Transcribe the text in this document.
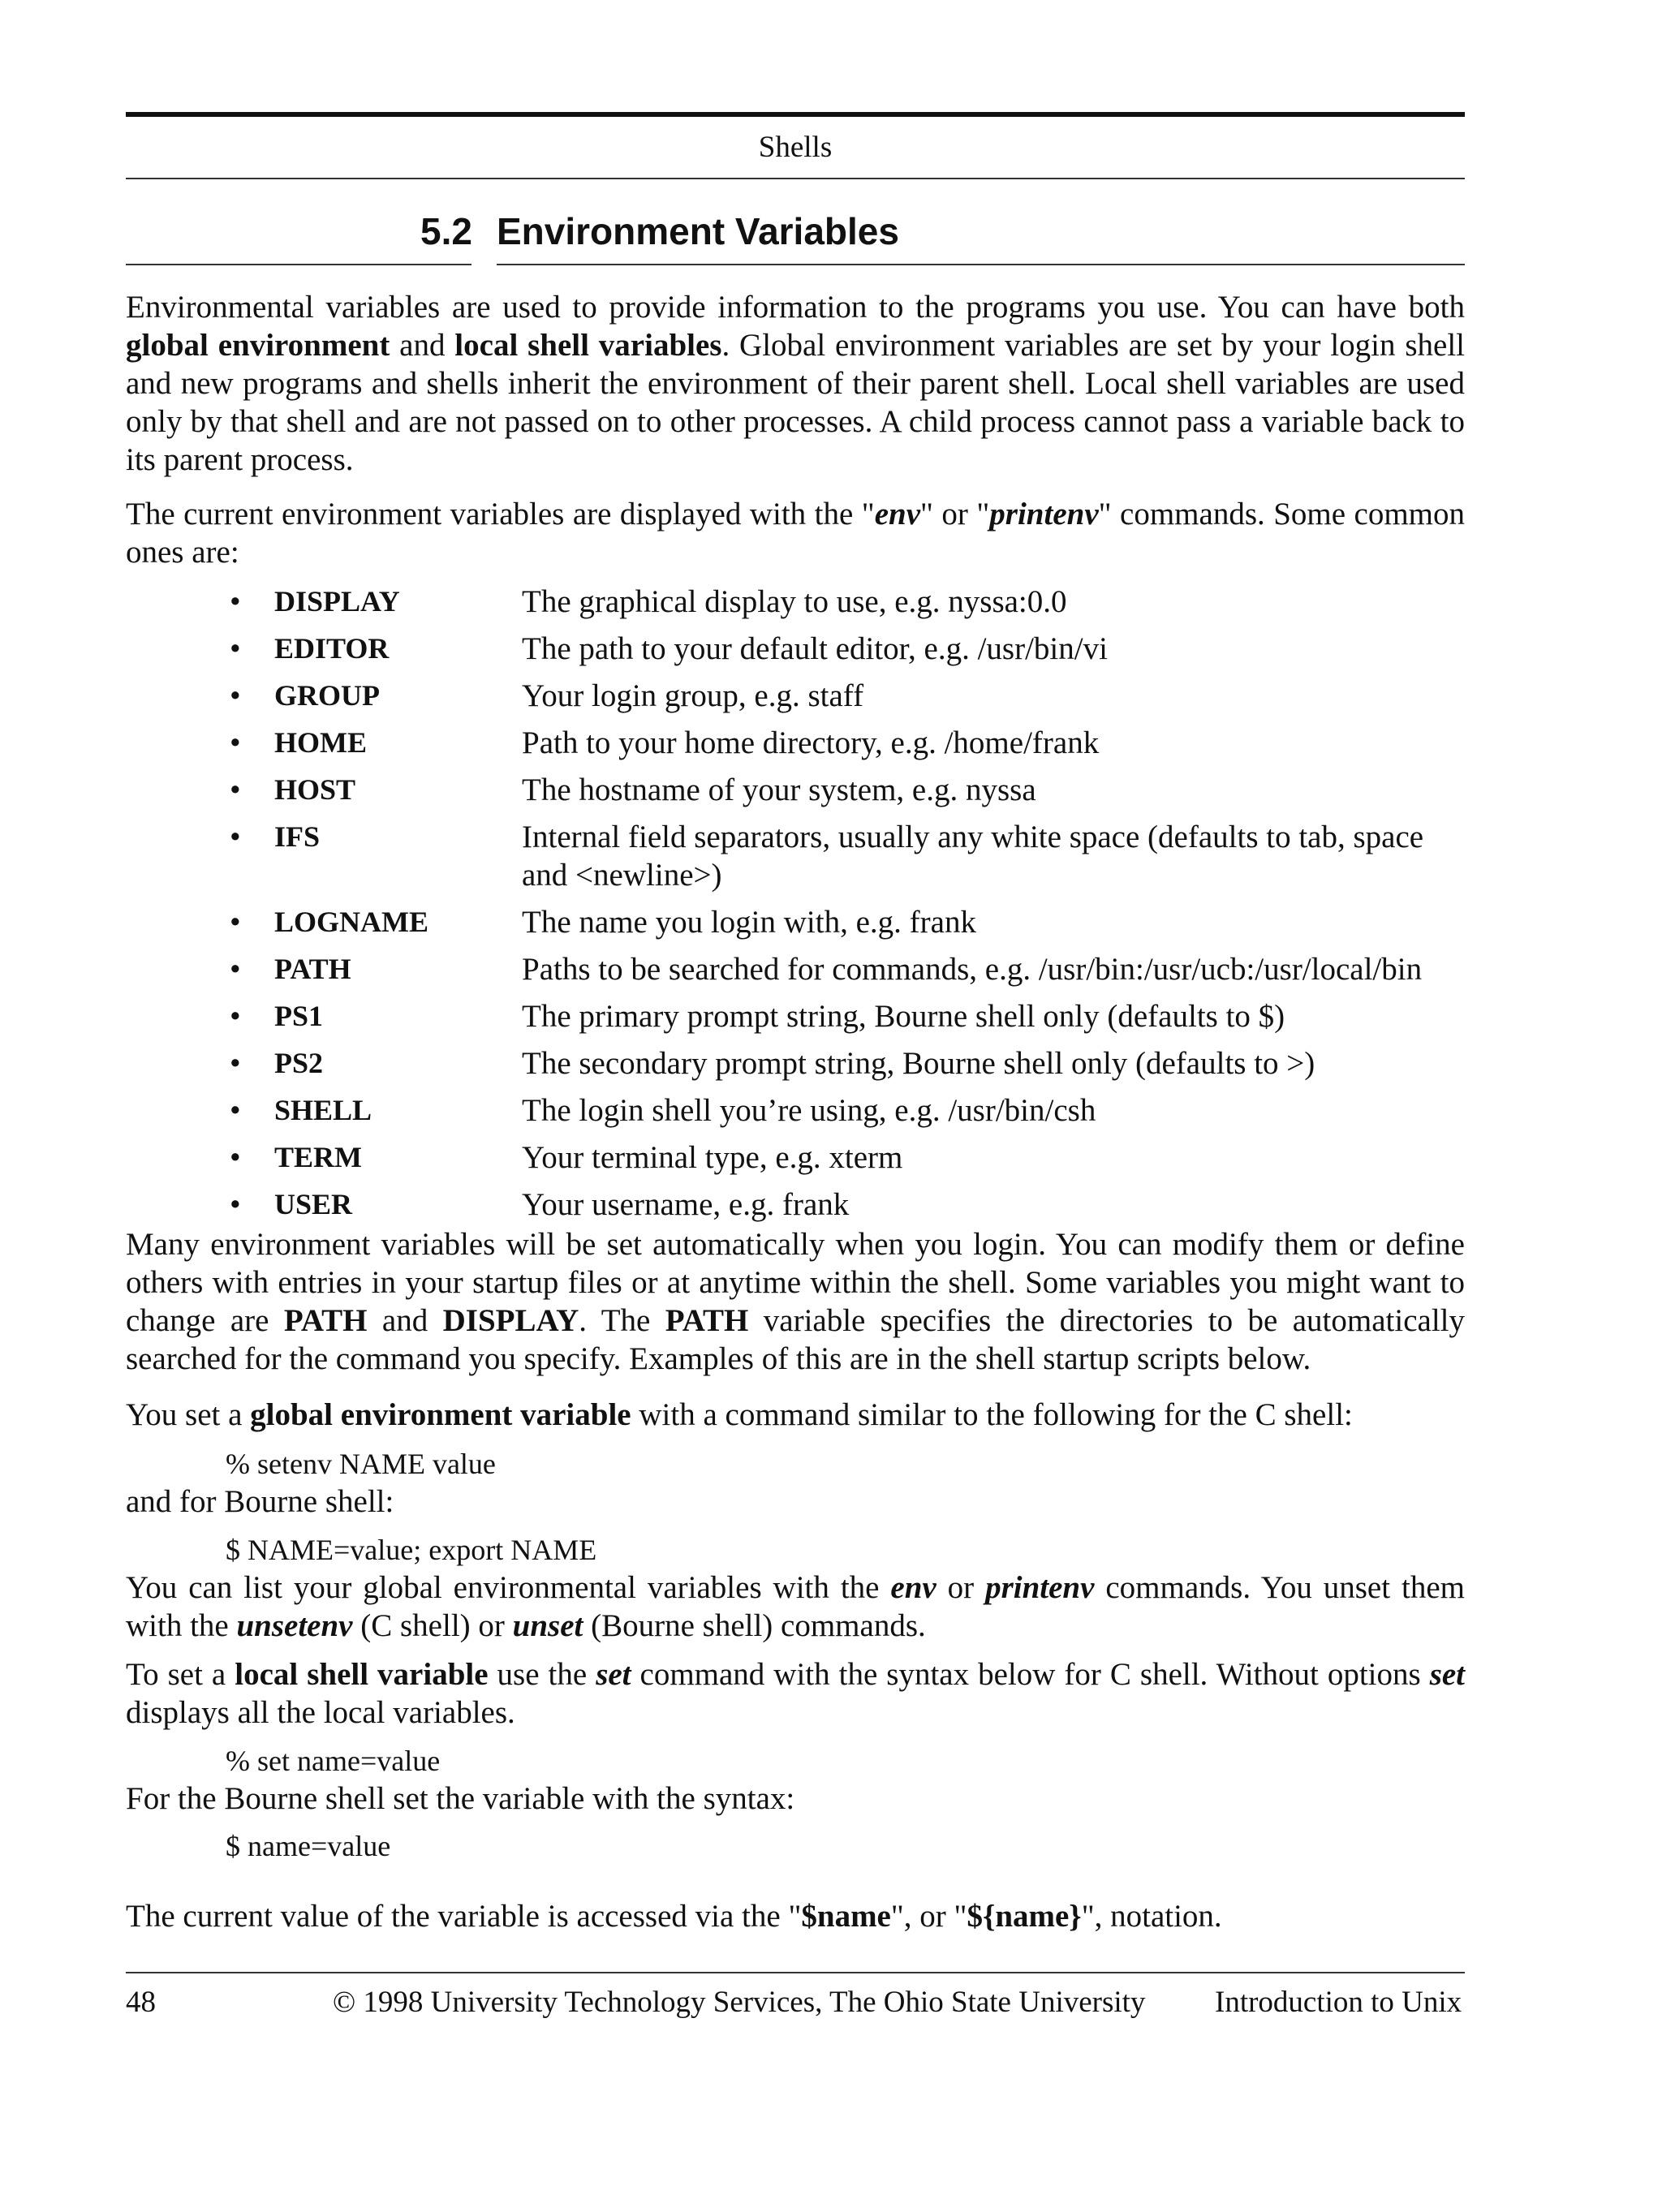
Shells
5.2 Environment Variables

Environmental variables are used to provide information to the programs you use. You can have both global environment and local shell variables. Global environment variables are set by your login shell and new programs and shells inherit the environment of their parent shell. Local shell variables are used only by that shell and are not passed on to other processes. A child process cannot pass a variable back to its parent process.

The current environment variables are displayed with the "env" or "printenv" commands. Some common ones are:

• DISPLAY	The graphical display to use, e.g. nyssa:0.0
• EDITOR	The path to your default editor, e.g. /usr/bin/vi
• GROUP	Your login group, e.g. staff
• HOME	Path to your home directory, e.g. /home/frank
• HOST	The hostname of your system, e.g. nyssa
• IFS	Internal field separators, usually any white space (defaults to tab, space and <newline>)
• LOGNAME	The name you login with, e.g. frank
• PATH	Paths to be searched for commands, e.g. /usr/bin:/usr/ucb:/usr/local/bin
• PS1	The primary prompt string, Bourne shell only (defaults to $)
• PS2	The secondary prompt string, Bourne shell only (defaults to >)
• SHELL	The login shell you’re using, e.g. /usr/bin/csh
• TERM	Your terminal type, e.g. xterm
• USER	Your username, e.g. frank

Many environment variables will be set automatically when you login. You can modify them or define others with entries in your startup files or at anytime within the shell. Some variables you might want to change are PATH and DISPLAY. The PATH variable specifies the directories to be automatically searched for the command you specify. Examples of this are in the shell startup scripts below.

You set a global environment variable with a command similar to the following for the C shell:

% setenv NAME value
and for Bourne shell:
$ NAME=value; export NAME

You can list your global environmental variables with the env or printenv commands. You unset them with the unsetenv (C shell) or unset (Bourne shell) commands.

To set a local shell variable use the set command with the syntax below for C shell. Without options set displays all the local variables.

% set name=value
For the Bourne shell set the variable with the syntax:
$ name=value

The current value of the variable is accessed via the "$name", or "${name}", notation.

48	© 1998 University Technology Services, The Ohio State University Introduction to Unix
